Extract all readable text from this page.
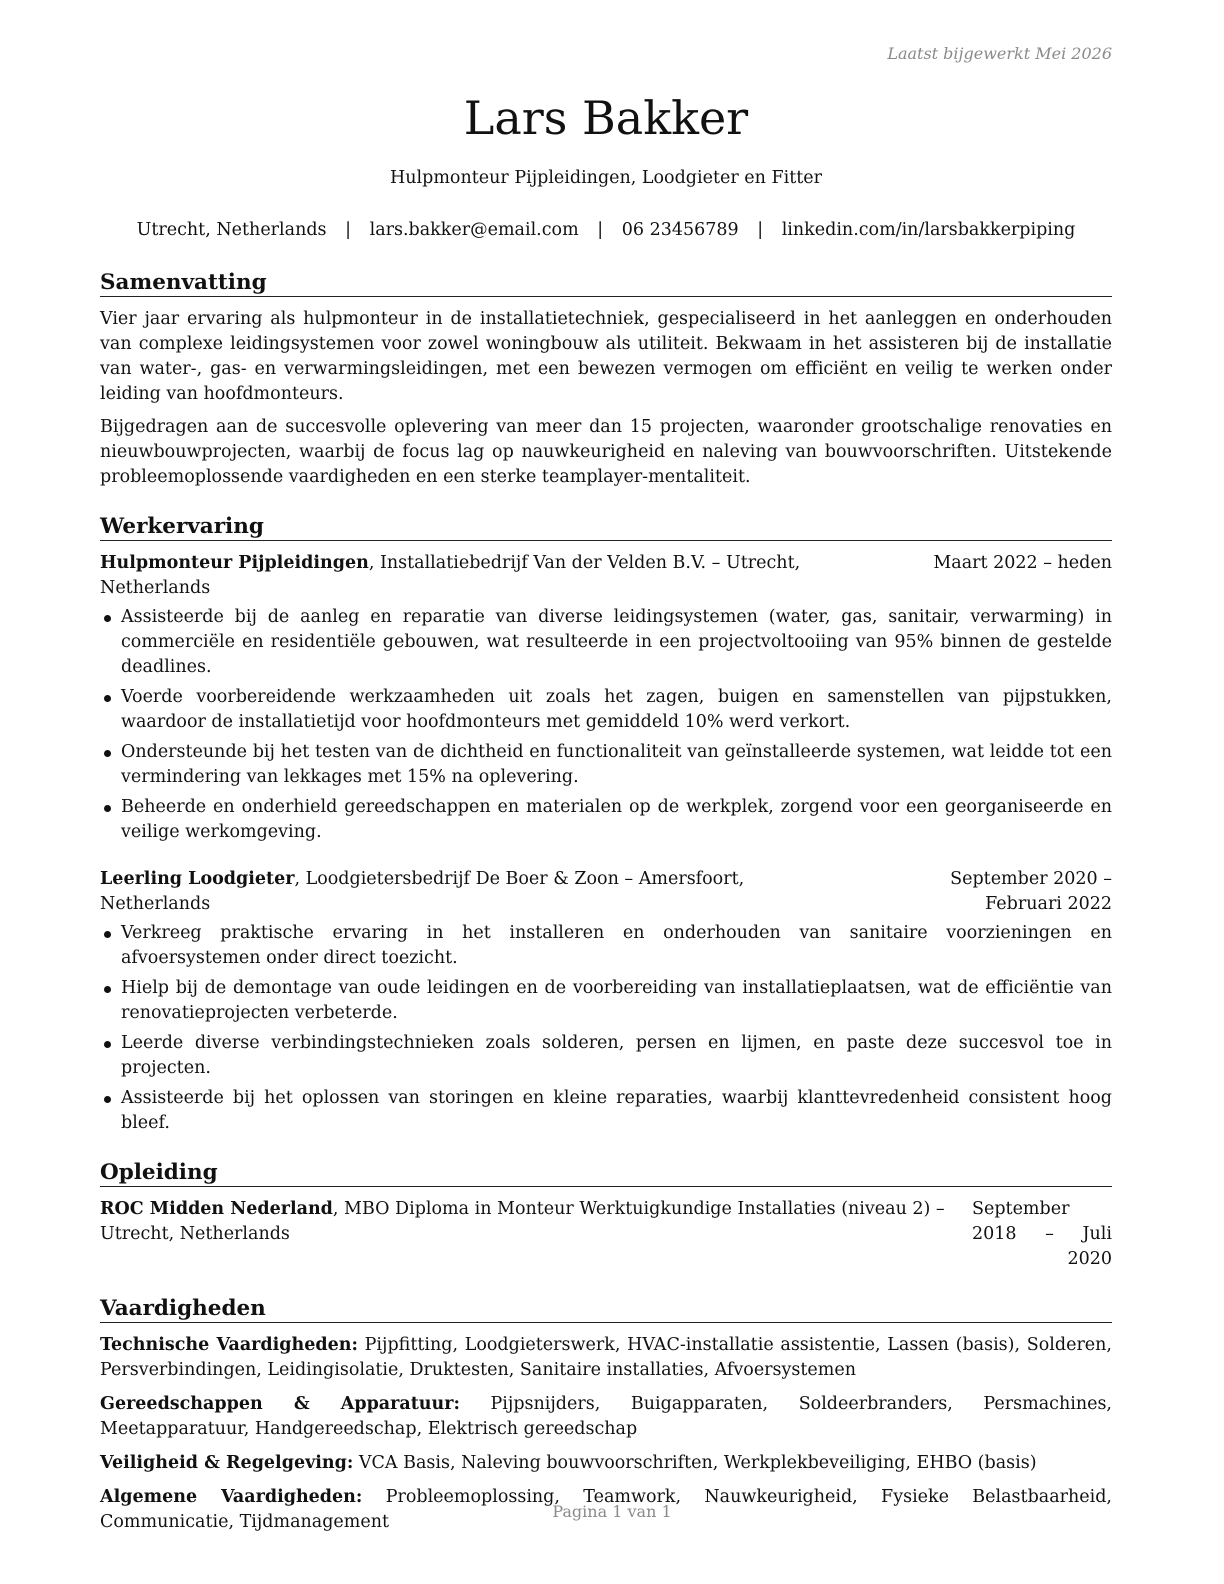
Laatst bijgewerkt Mei 2026
Lars Bakker
Hulpmonteur Pijpleidingen, Loodgieter en Fitter
Utrecht, Netherlands | lars.bakker@email.com | 06 23456789 | linkedin.com/in/larsbakkerpiping
Samenvatting

Vier jaar ervaring als hulpmonteur in de installatietechniek, gespecialiseerd in het aanleggen en onderhouden van complexe leidingsystemen voor zowel woningbouw als utiliteit. Bekwaam in het assisteren bij de installatie van water-, gas- en verwarmingsleidingen, met een bewezen vermogen om efficiënt en veilig te werken onder leiding van hoofdmonteurs.

Bijgedragen aan de succesvolle oplevering van meer dan 15 projecten, waaronder grootschalige renovaties en nieuwbouwprojecten, waarbij de focus lag op nauwkeurigheid en naleving van bouwvoorschriften. Uitstekende probleemoplossende vaardigheden en een sterke teamplayer-mentaliteit.

Werkervaring
Hulpmonteur Pijpleidingen, Installatiebedrijf Van der Velden B.V. – Utrecht, Netherlands
Maart 2022 – heden
Assisteerde bij de aanleg en reparatie van diverse leidingsystemen (water, gas, sanitair, verwarming) in commerciële en residentiële gebouwen, wat resulteerde in een projectvoltooiing van 95% binnen de gestelde deadlines.
Voerde voorbereidende werkzaamheden uit zoals het zagen, buigen en samenstellen van pijpstukken, waardoor de installatietijd voor hoofdmonteurs met gemiddeld 10% werd verkort.
Ondersteunde bij het testen van de dichtheid en functionaliteit van geïnstalleerde systemen, wat leidde tot een vermindering van lekkages met 15% na oplevering.
Beheerde en onderhield gereedschappen en materialen op de werkplek, zorgend voor een georganiseerde en veilige werkomgeving.
Leerling Loodgieter, Loodgietersbedrijf De Boer & Zoon – Amersfoort, Netherlands
September 2020 – Februari 2022
Verkreeg praktische ervaring in het installeren en onderhouden van sanitaire voorzieningen en afvoersystemen onder direct toezicht.
Hielp bij de demontage van oude leidingen en de voorbereiding van installatieplaatsen, wat de efficiëntie van renovatieprojecten verbeterde.
Leerde diverse verbindingstechnieken zoals solderen, persen en lijmen, en paste deze succesvol toe in projecten.
Assisteerde bij het oplossen van storingen en kleine reparaties, waarbij klanttevredenheid consistent hoog bleef.
Opleiding
ROC Midden Nederland, MBO Diploma in Monteur Werktuigkundige Installaties (niveau 2) – Utrecht, Netherlands
September 2018 – Juli 2020
Vaardigheden
Technische Vaardigheden: Pijpfitting, Loodgieterswerk, HVAC-installatie assistentie, Lassen (basis), Solderen, Persverbindingen, Leidingisolatie, Druktesten, Sanitaire installaties, Afvoersystemen
Gereedschappen & Apparatuur: Pijpsnijders, Buigapparaten, Soldeerbranders, Persmachines, Meetapparatuur, Handgereedschap, Elektrisch gereedschap
Veiligheid & Regelgeving: VCA Basis, Naleving bouwvoorschriften, Werkplekbeveiliging, EHBO (basis)
Algemene Vaardigheden: Probleemoplossing, Teamwork, Nauwkeurigheid, Fysieke Belastbaarheid, Communicatie, Tijdmanagement
Pagina 1 van 1
